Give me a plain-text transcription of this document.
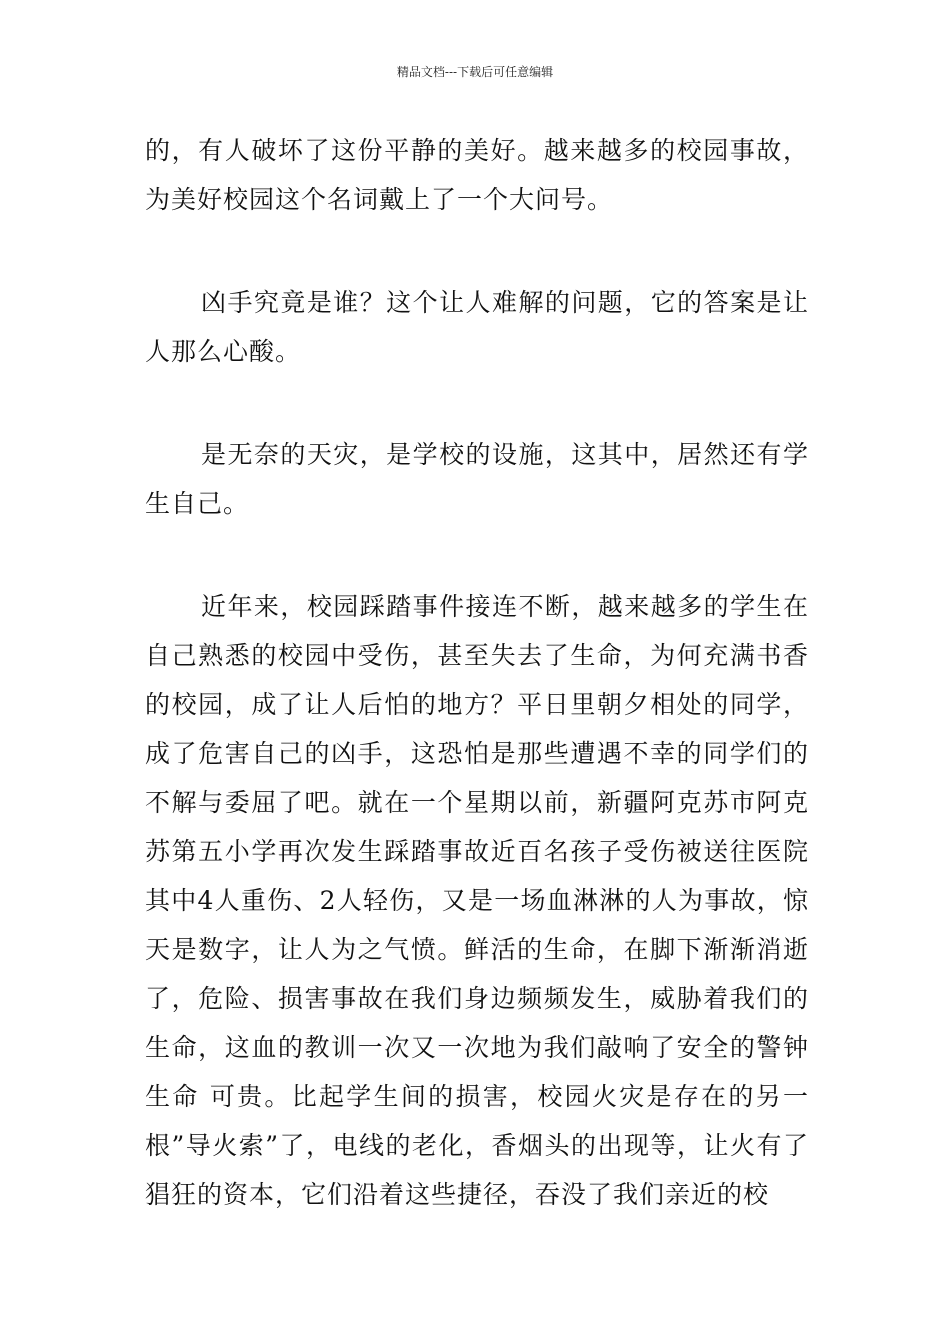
精品文档---下载后可任意编辑

的，有人破坏了这份平静的美好。越来越多的校园事故，为美好校园这个名词戴上了一个大问号。

凶手究竟是谁？这个让人难解的问题，它的答案是让人那么心酸。

是无奈的天灾，是学校的设施，这其中，居然还有学生自己。

近年来，校园踩踏事件接连不断，越来越多的学生在自己熟悉的校园中受伤，甚至失去了生命，为何充满书香的校园，成了让人后怕的地方？平日里朝夕相处的同学，成了危害自己的凶手，这恐怕是那些遭遇不幸的同学们的不解与委屈了吧。就在一个星期以前，新疆阿克苏市阿克苏第五小学再次发生踩踏事故近百名孩子受伤被送往医院其中4人重伤、2人轻伤，又是一场血淋淋的人为事故，惊天是数字，让人为之气愤。鲜活的生命，在脚下渐渐消逝了，危险、损害事故在我们身边频频发生，威胁着我们的生命，这血的教训一次又一次地为我们敲响了安全的警钟生命 可贵。比起学生间的损害，校园火灾是存在的另一根”导火索”了，电线的老化，香烟头的出现等，让火有了猖狂的资本，它们沿着这些捷径，吞没了我们亲近的校
